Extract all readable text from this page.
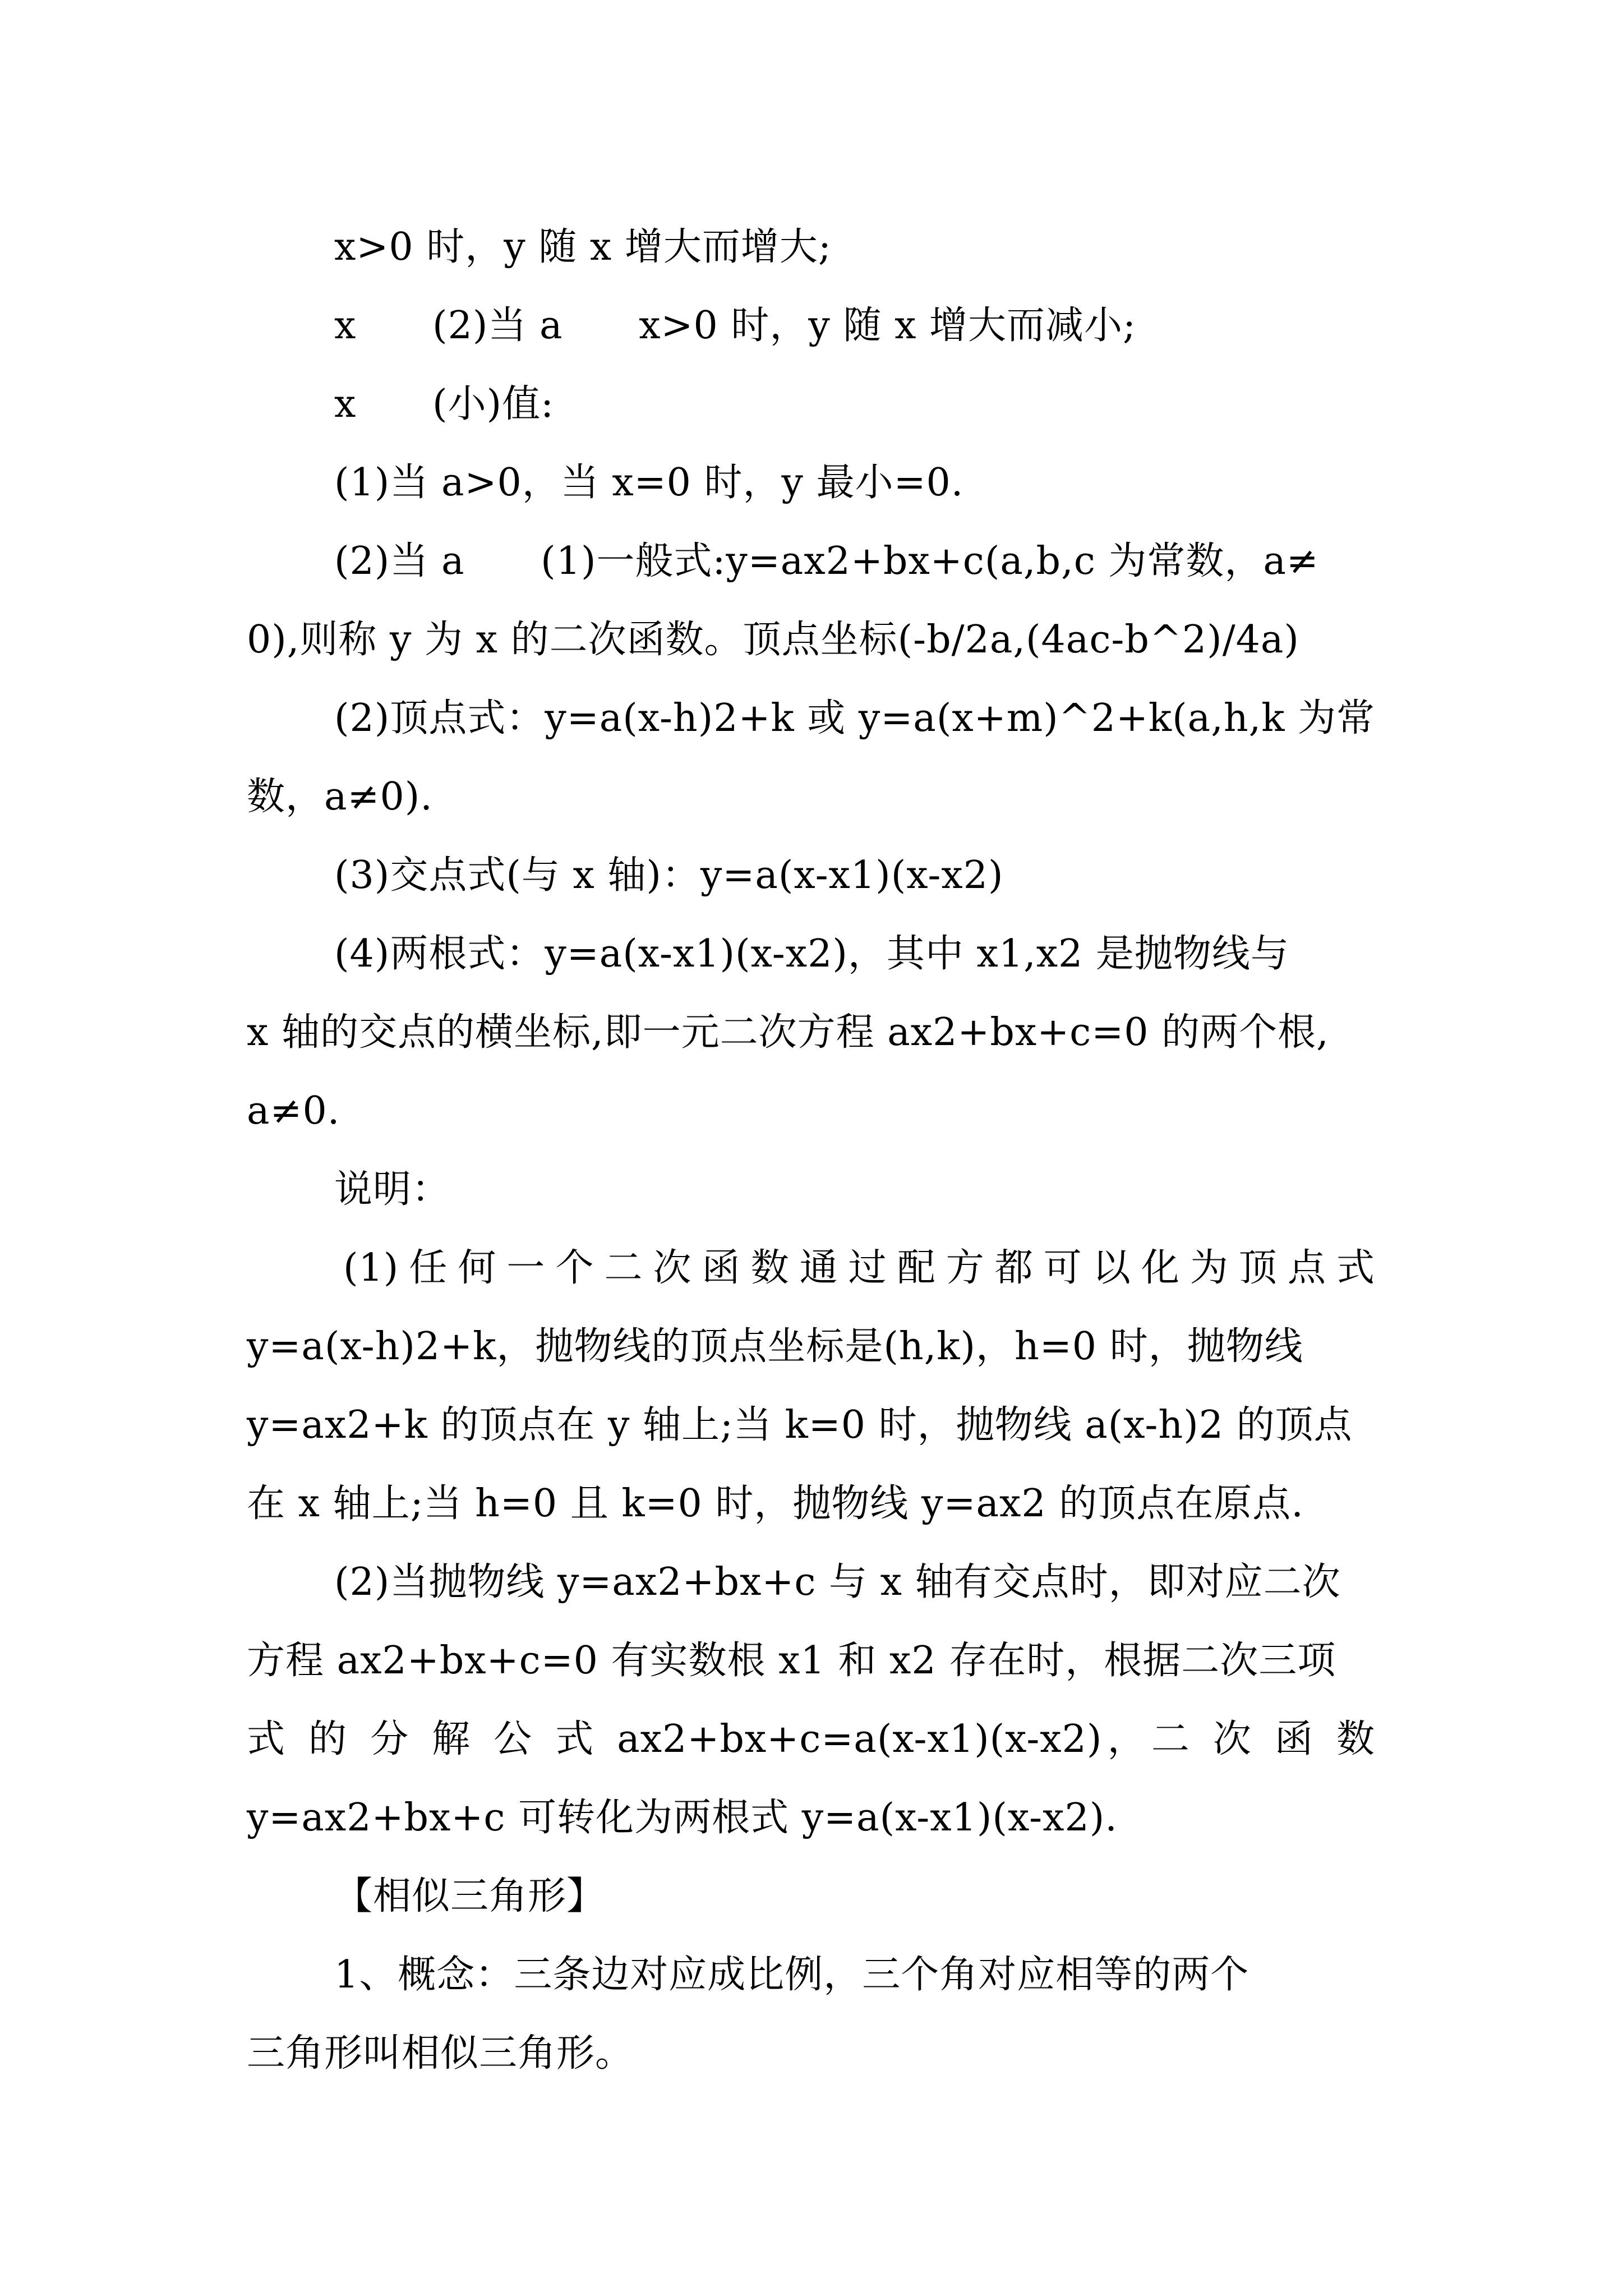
x>0 时，y 随 x 增大而增大;
x      (2)当 a      x>0 时，y 随 x 增大而减小;
x      (小)值:
(1)当 a>0，当 x=0 时，y 最小=0.
(2)当 a      (1)一般式:y=ax2+bx+c(a,b,c 为常数，a≠
0),则称 y 为 x 的二次函数。顶点坐标(-b/2a,(4ac-b^2)/4a)
(2)顶点式：y=a(x-h)2+k 或 y=a(x+m)^2+k(a,h,k 为常
数，a≠0).
(3)交点式(与 x 轴)：y=a(x-x1)(x-x2)
(4)两根式：y=a(x-x1)(x-x2)，其中 x1,x2 是抛物线与
x 轴的交点的横坐标,即一元二次方程 ax2+bx+c=0 的两个根,
a≠0.
说明：
(1)任何一个二次函数通过配方都可以化为顶点式
y=a(x-h)2+k，抛物线的顶点坐标是(h,k)，h=0 时，抛物线
y=ax2+k 的顶点在 y 轴上;当 k=0 时，抛物线 a(x-h)2 的顶点
在 x 轴上;当 h=0 且 k=0 时，抛物线 y=ax2 的顶点在原点.
(2)当抛物线 y=ax2+bx+c 与 x 轴有交点时，即对应二次
方程 ax2+bx+c=0 有实数根 x1 和 x2 存在时，根据二次三项
式 的 分 解 公 式 ax2+bx+c=a(x-x1)(x-x2)，二 次 函 数
y=ax2+bx+c 可转化为两根式 y=a(x-x1)(x-x2).
【相似三角形】
1、概念：三条边对应成比例，三个角对应相等的两个
三角形叫相似三角形。
